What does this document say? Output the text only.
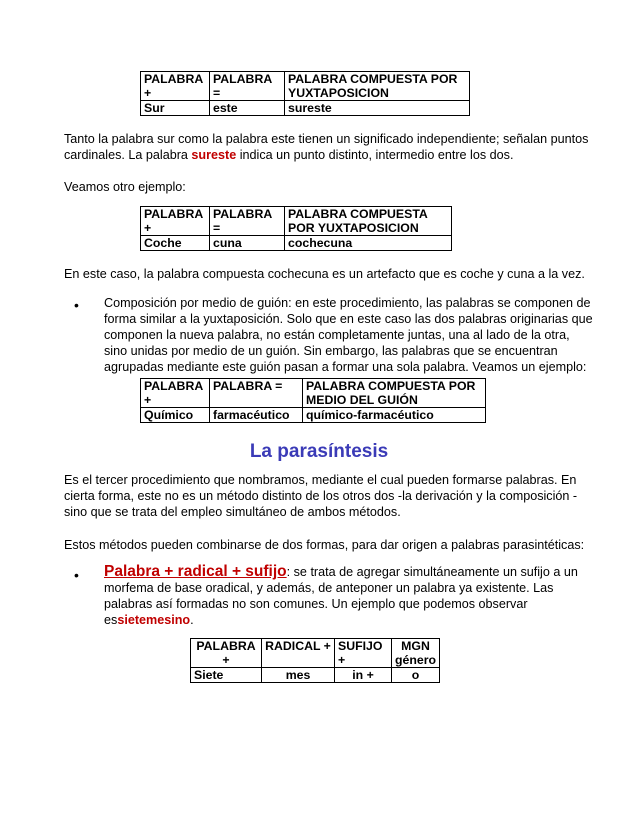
PALABRA +	PALABRA =	PALABRA COMPUESTA POR YUXTAPOSICION
Sur	este	sureste

Tanto la palabra sur como la palabra este tienen un significado independiente; señalan puntos cardinales. La palabra sureste indica un punto distinto, intermedio entre los dos.

Veamos otro ejemplo:

PALABRA +	PALABRA =	PALABRA COMPUESTA POR YUXTAPOSICION
Coche	cuna	cochecuna

En este caso, la palabra compuesta cochecuna es un artefacto que es coche y cuna a la vez.

• Composición por medio de guión: en este procedimiento, las palabras se componen de forma similar a la yuxtaposición. Solo que en este caso las dos palabras originarias que componen la nueva palabra, no están completamente juntas, una al lado de la otra, sino unidas por medio de un guión. Sin embargo, las palabras que se encuentran agrupadas mediante este guión pasan a formar una sola palabra. Veamos un ejemplo:

PALABRA +	PALABRA =	PALABRA COMPUESTA POR MEDIO DEL GUIÓN
Químico	farmacéutico	químico-farmacéutico
La parasíntesis

Es el tercer procedimiento que nombramos, mediante el cual pueden formarse palabras. En cierta forma, este no es un método distinto de los otros dos -la derivación y la composición - sino que se trata del empleo simultáneo de ambos métodos.

Estos métodos pueden combinarse de dos formas, para dar origen a palabras parasintéticas:

• Palabra + radical + sufijo: se trata de agregar simultáneamente un sufijo a un morfema de base oradical, y además, de anteponer un palabra ya existente. Las palabras así formadas no son comunes. Un ejemplo que podemos observar essietemesino.

PALABRA +	RADICAL +	SUFIJO +	MGN género
Siete	mes	in +	o
